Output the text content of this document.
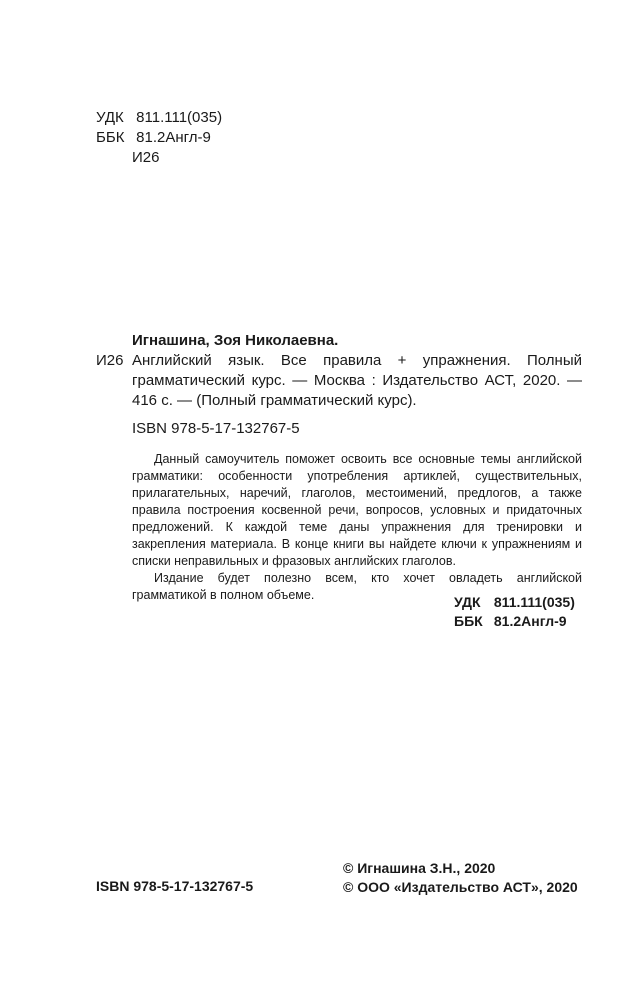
УДК 811.111(035)
ББК 81.2Англ-9
И26
Игнашина, Зоя Николаевна.
И26 Английский язык. Все правила + упражнения. Полный грамматический курс. — Москва : Издательство АСТ, 2020. — 416 с. — (Полный грамматический курс).
ISBN 978-5-17-132767-5

Данный самоучитель поможет освоить все основные темы английской грамматики: особенности употребления артиклей, существительных, прилагательных, наречий, глаголов, местоимений, предлогов, а также правила построения косвенной речи, вопросов, условных и придаточных предложений. К каждой теме даны упражнения для тренировки и закрепления материала. В конце книги вы найдете ключи к упражнениям и списки неправильных и фразовых английских глаголов.

Издание будет полезно всем, кто хочет овладеть английской грамматикой в полном объеме.	УДК 811.111(035)
ББК 81.2Англ-9
ISBN 978-5-17-132767-5
© Игнашина З.Н., 2020
© ООО «Издательство АСТ», 2020
